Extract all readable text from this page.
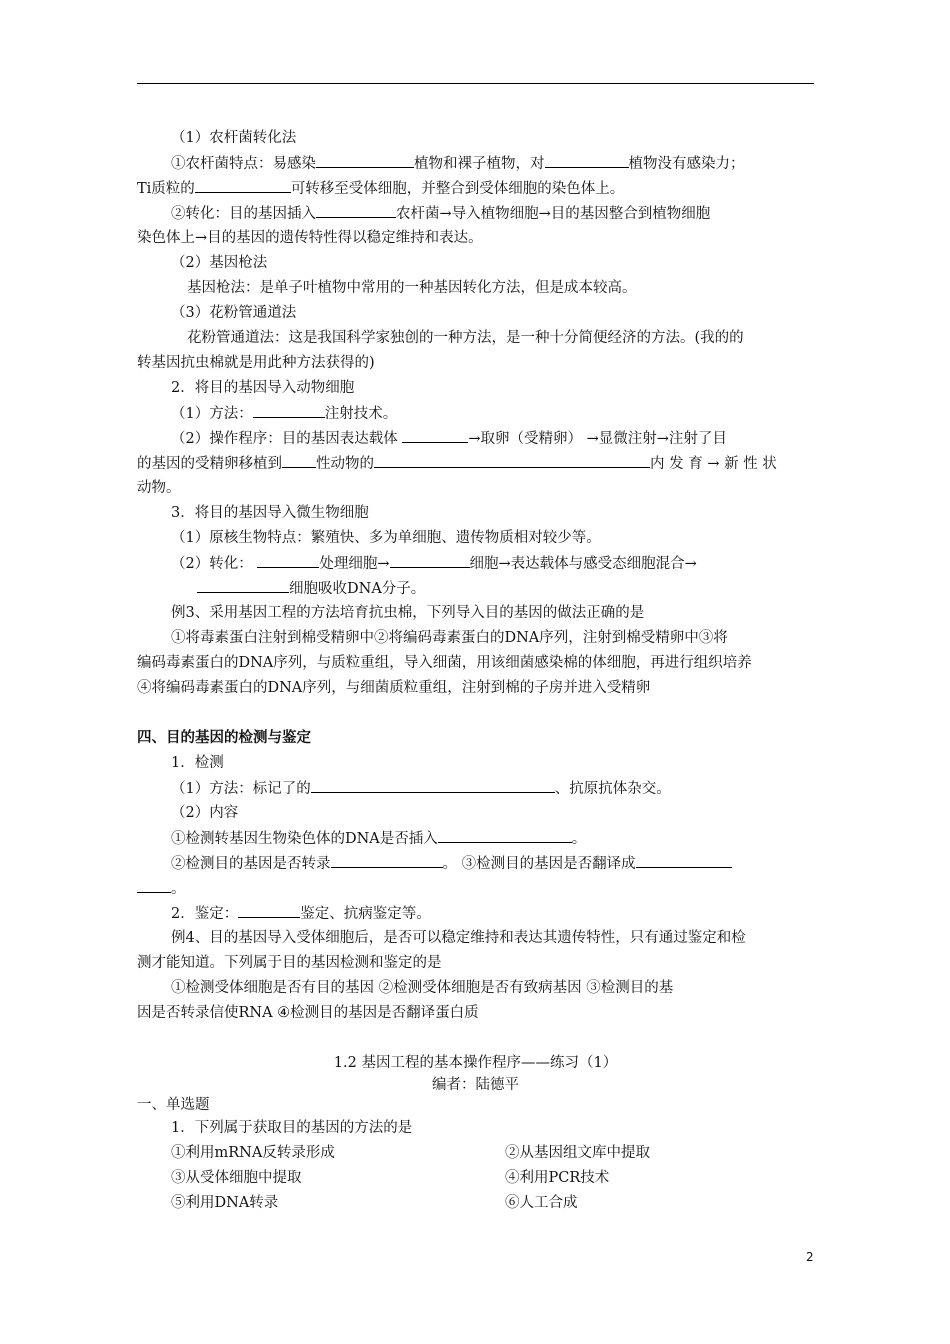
（1）农杆菌转化法
①农杆菌特点：易感染	植物和裸子植物，对	植物没有感染力；
Ti质粒的	可转移至受体细胞，并整合到受体细胞的染色体上。
②转化：目的基因插入	农杆菌→导入植物细胞→目的基因整合到植物细胞
染色体上→目的基因的遗传特性得以稳定维持和表达。
（2）基因枪法
基因枪法：是单子叶植物中常用的一种基因转化方法，但是成本较高。
（3）花粉管通道法
花粉管通道法：这是我国科学家独创的一种方法，是一种十分简便经济的方法。(我的的
转基因抗虫棉就是用此种方法获得的)
2．将目的基因导入动物细胞
（1）方法：	注射技术。
（2）操作程序：目的基因表达载体	→取卵（受精卵） →显微注射→注射了目
的基因的受精卵移植到 性动物的	内 发 育 → 新 性 状
动物。
3．将目的基因导入微生物细胞
（1）原核生物特点：繁殖快、多为单细胞、遗传物质相对较少等。
（2）转化：	处理细胞→	细胞→表达载体与感受态细胞混合→
细胞吸收DNA分子。
例3、采用基因工程的方法培育抗虫棉，下列导入目的基因的做法正确的是
①将毒素蛋白注射到棉受精卵中②将编码毒素蛋白的DNA序列，注射到棉受精卵中③将
编码毒素蛋白的DNA序列，与质粒重组，导入细菌，用该细菌感染棉的体细胞，再进行组织培养
④将编码毒素蛋白的DNA序列，与细菌质粒重组，注射到棉的子房并进入受精卵
四、目的基因的检测与鉴定
1．检测
（1）方法：标记了的	、抗原抗体杂交。
（2）内容
①检测转基因生物染色体的DNA是否插入	。
②检测目的基因是否转录	。 ③检测目的基因是否翻译成
。
2．鉴定：	鉴定、抗病鉴定等。
例4、目的基因导入受体细胞后，是否可以稳定维持和表达其遗传特性，只有通过鉴定和检
测才能知道。下列属于目的基因检测和鉴定的是
①检测受体细胞是否有目的基因 ②检测受体细胞是否有致病基因 ③检测目的基
因是否转录信使RNA ④检测目的基因是否翻译蛋白质
1.2 基因工程的基本操作程序——练习（1）
编者：陆德平
一、单选题
1．下列属于获取目的基因的方法的是
①利用mRNA反转录形成	②从基因组文库中提取
③从受体细胞中提取	④利用PCR技术
⑤利用DNA转录	⑥人工合成
2
